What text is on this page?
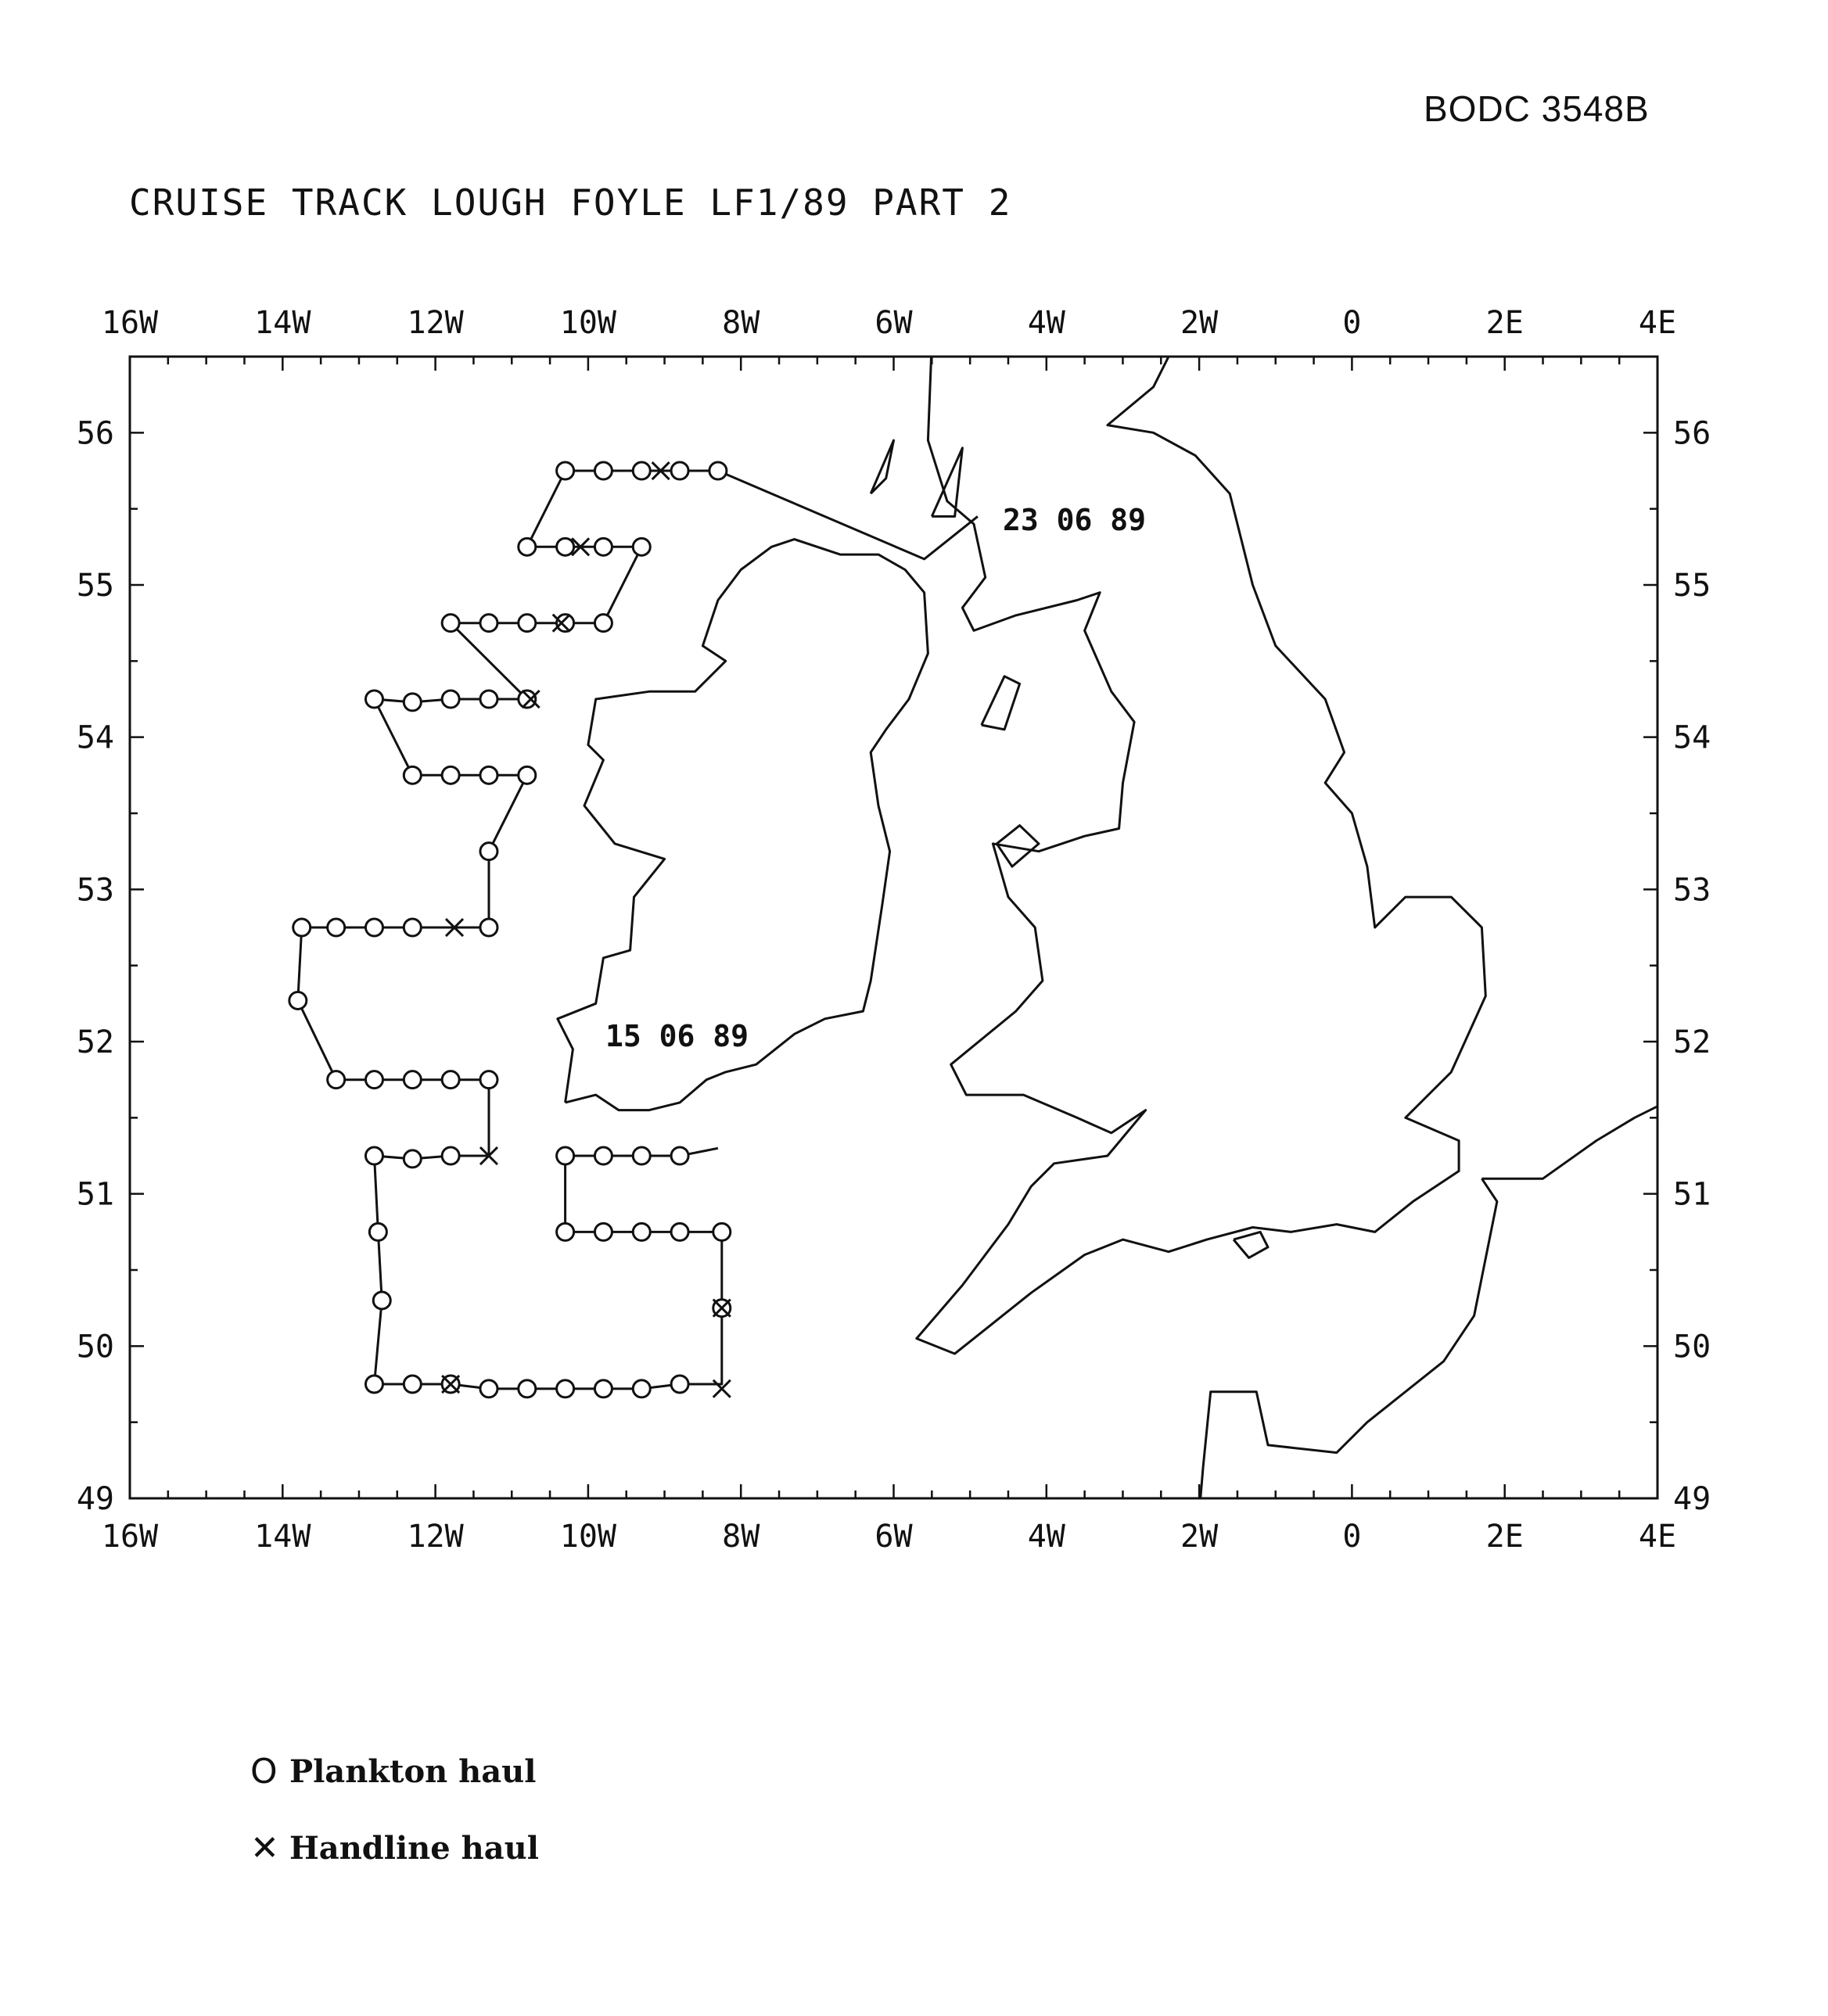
BODC 3548B
CRUISE TRACK LOUGH FOYLE LF1/89 PART 2
16W
16W
14W
14W
12W
12W
10W
10W
8W
8W
6W
6W
4W
4W
2W
2W
0
0
2E
2E
4E
4E
56	56
55	55
54	54
53	53
52	52
51	51
50	50
49	49
23 06 89
15 06 89
O Plankton haul
✕ Handline haul
